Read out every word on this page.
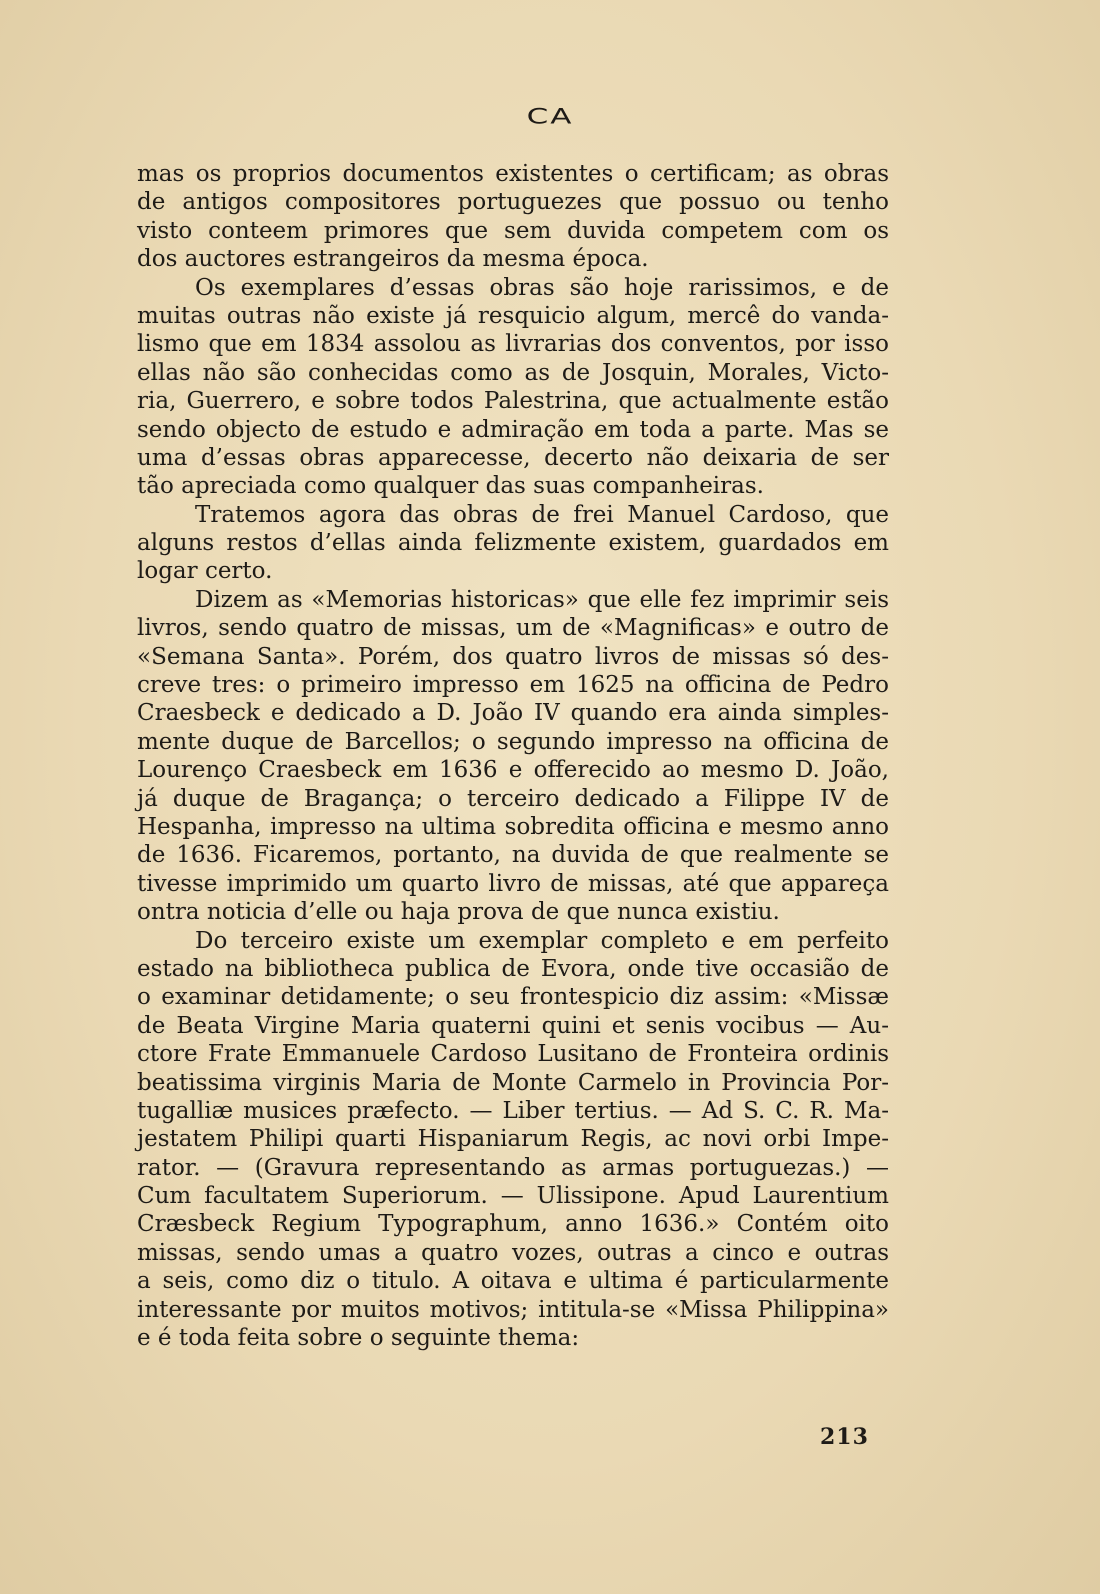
CA
mas os proprios documentos existentes o certificam; as obras
de antigos compositores portuguezes que possuo ou tenho
visto conteem primores que sem duvida competem com os
dos auctores estrangeiros da mesma época.
Os exemplares d’essas obras são hoje rarissimos, e de
muitas outras não existe já resquicio algum, mercê do vanda-
lismo que em 1834 assolou as livrarias dos conventos, por isso
ellas não são conhecidas como as de Josquin, Morales, Victo-
ria, Guerrero, e sobre todos Palestrina, que actualmente estão
sendo objecto de estudo e admiração em toda a parte. Mas se
uma d’essas obras apparecesse, decerto não deixaria de ser
tão apreciada como qualquer das suas companheiras.
Tratemos agora das obras de frei Manuel Cardoso, que
alguns restos d’ellas ainda felizmente existem, guardados em
logar certo.
Dizem as «Memorias historicas» que elle fez imprimir seis
livros, sendo quatro de missas, um de «Magnificas» e outro de
«Semana Santa». Porém, dos quatro livros de missas só des-
creve tres: o primeiro impresso em 1625 na officina de Pedro
Craesbeck e dedicado a D. João IV quando era ainda simples-
mente duque de Barcellos; o segundo impresso na officina de
Lourenço Craesbeck em 1636 e offerecido ao mesmo D. João,
já duque de Bragança; o terceiro dedicado a Filippe IV de
Hespanha, impresso na ultima sobredita officina e mesmo anno
de 1636. Ficaremos, portanto, na duvida de que realmente se
tivesse imprimido um quarto livro de missas, até que appareça
ontra noticia d’elle ou haja prova de que nunca existiu.
Do terceiro existe um exemplar completo e em perfeito
estado na bibliotheca publica de Evora, onde tive occasião de
o examinar detidamente; o seu frontespicio diz assim: «Missæ
de Beata Virgine Maria quaterni quini et senis vocibus — Au-
ctore Frate Emmanuele Cardoso Lusitano de Fronteira ordinis
beatissima virginis Maria de Monte Carmelo in Provincia Por-
tugalliæ musices præfecto. — Liber tertius. — Ad S. C. R. Ma-
jestatem Philipi quarti Hispaniarum Regis, ac novi orbi Impe-
rator. — (Gravura representando as armas portuguezas.) —
Cum facultatem Superiorum. — Ulissipone. Apud Laurentium
Cræsbeck Regium Typographum, anno 1636.» Contém oito
missas, sendo umas a quatro vozes, outras a cinco e outras
a seis, como diz o titulo. A oitava e ultima é particularmente
interessante por muitos motivos; intitula-se «Missa Philippina»
e é toda feita sobre o seguinte thema:
213
